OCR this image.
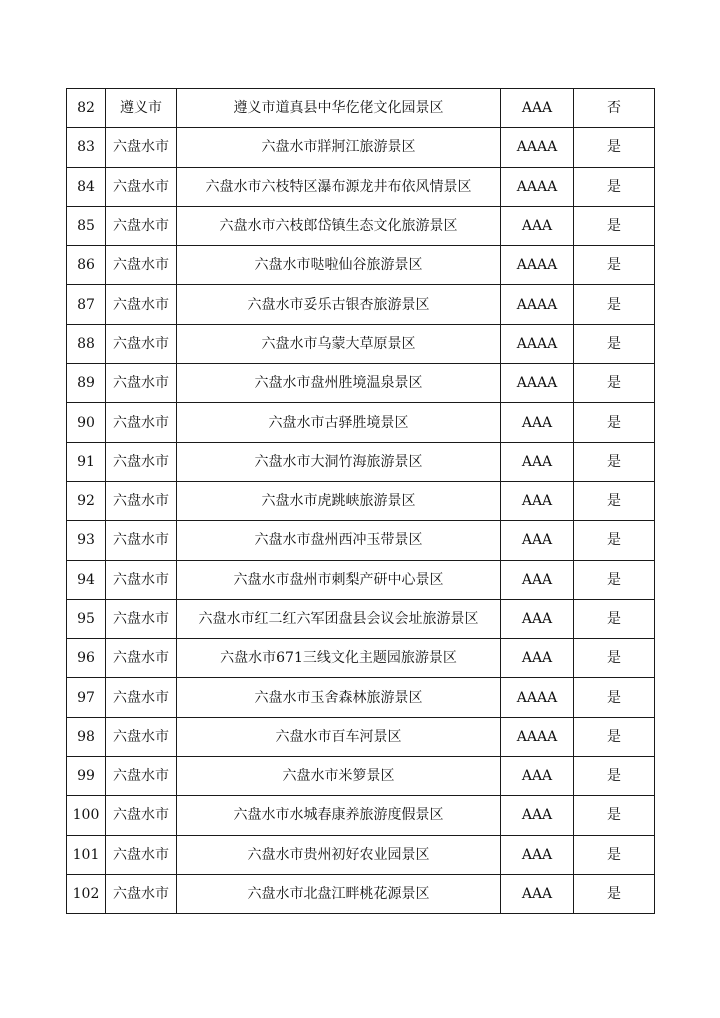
82	遵义市	遵义市道真县中华仡佬文化园景区	AAA	否
83	六盘水市	六盘水市牂牁江旅游景区	AAAA	是
84	六盘水市	六盘水市六枝特区瀑布源龙井布依风情景区	AAAA	是
85	六盘水市	六盘水市六枝郎岱镇生态文化旅游景区	AAA	是
86	六盘水市	六盘水市哒啦仙谷旅游景区	AAAA	是
87	六盘水市	六盘水市妥乐古银杏旅游景区	AAAA	是
88	六盘水市	六盘水市乌蒙大草原景区	AAAA	是
89	六盘水市	六盘水市盘州胜境温泉景区	AAAA	是
90	六盘水市	六盘水市古驿胜境景区	AAA	是
91	六盘水市	六盘水市大洞竹海旅游景区	AAA	是
92	六盘水市	六盘水市虎跳峡旅游景区	AAA	是
93	六盘水市	六盘水市盘州西冲玉带景区	AAA	是
94	六盘水市	六盘水市盘州市刺梨产研中心景区	AAA	是
95	六盘水市	六盘水市红二红六军团盘县会议会址旅游景区	AAA	是
96	六盘水市	六盘水市671三线文化主题园旅游景区	AAA	是
97	六盘水市	六盘水市玉舍森林旅游景区	AAAA	是
98	六盘水市	六盘水市百车河景区	AAAA	是
99	六盘水市	六盘水市米箩景区	AAA	是
100	六盘水市	六盘水市水城春康养旅游度假景区	AAA	是
101	六盘水市	六盘水市贵州初好农业园景区	AAA	是
102	六盘水市	六盘水市北盘江畔桃花源景区	AAA	是
